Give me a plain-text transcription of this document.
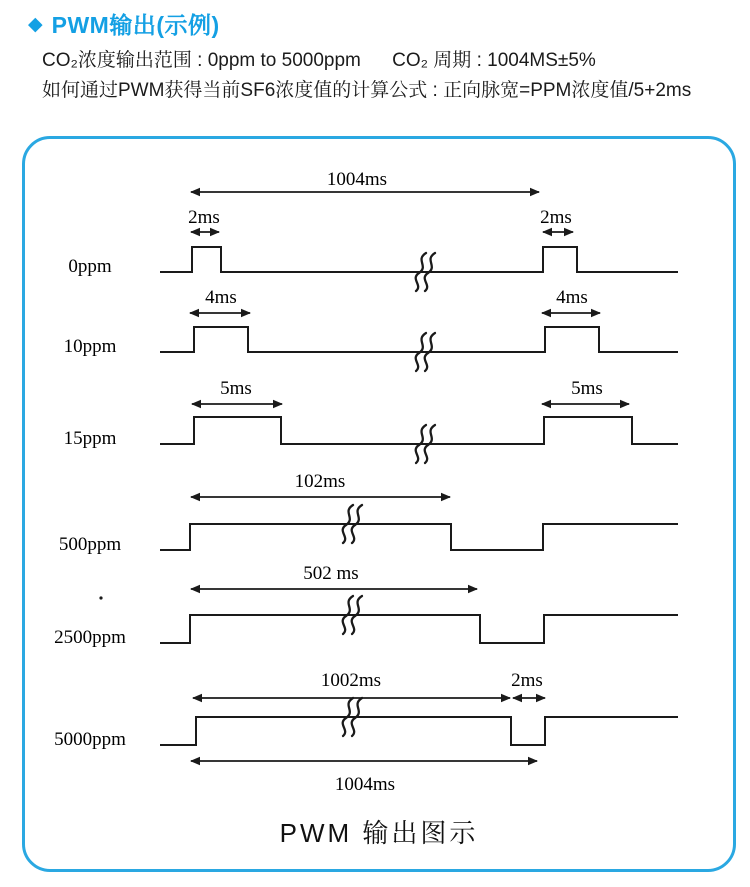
◆ PWM输出(示例)

CO₂浓度输出范围 : 0ppm to 5000ppm CO₂ 周期 : 1004MS±5%

如何通过PWM获得当前SF6浓度值的计算公式 : 正向脉宽=PPM浓度值/5+2ms

0ppm
10ppm
15ppm
500ppm
2500ppm
5000ppm
1004ms
2ms	2ms
4ms	4ms
5ms	5ms
102ms
502 ms
1002ms	2ms
1004ms
PWM 输出图示
